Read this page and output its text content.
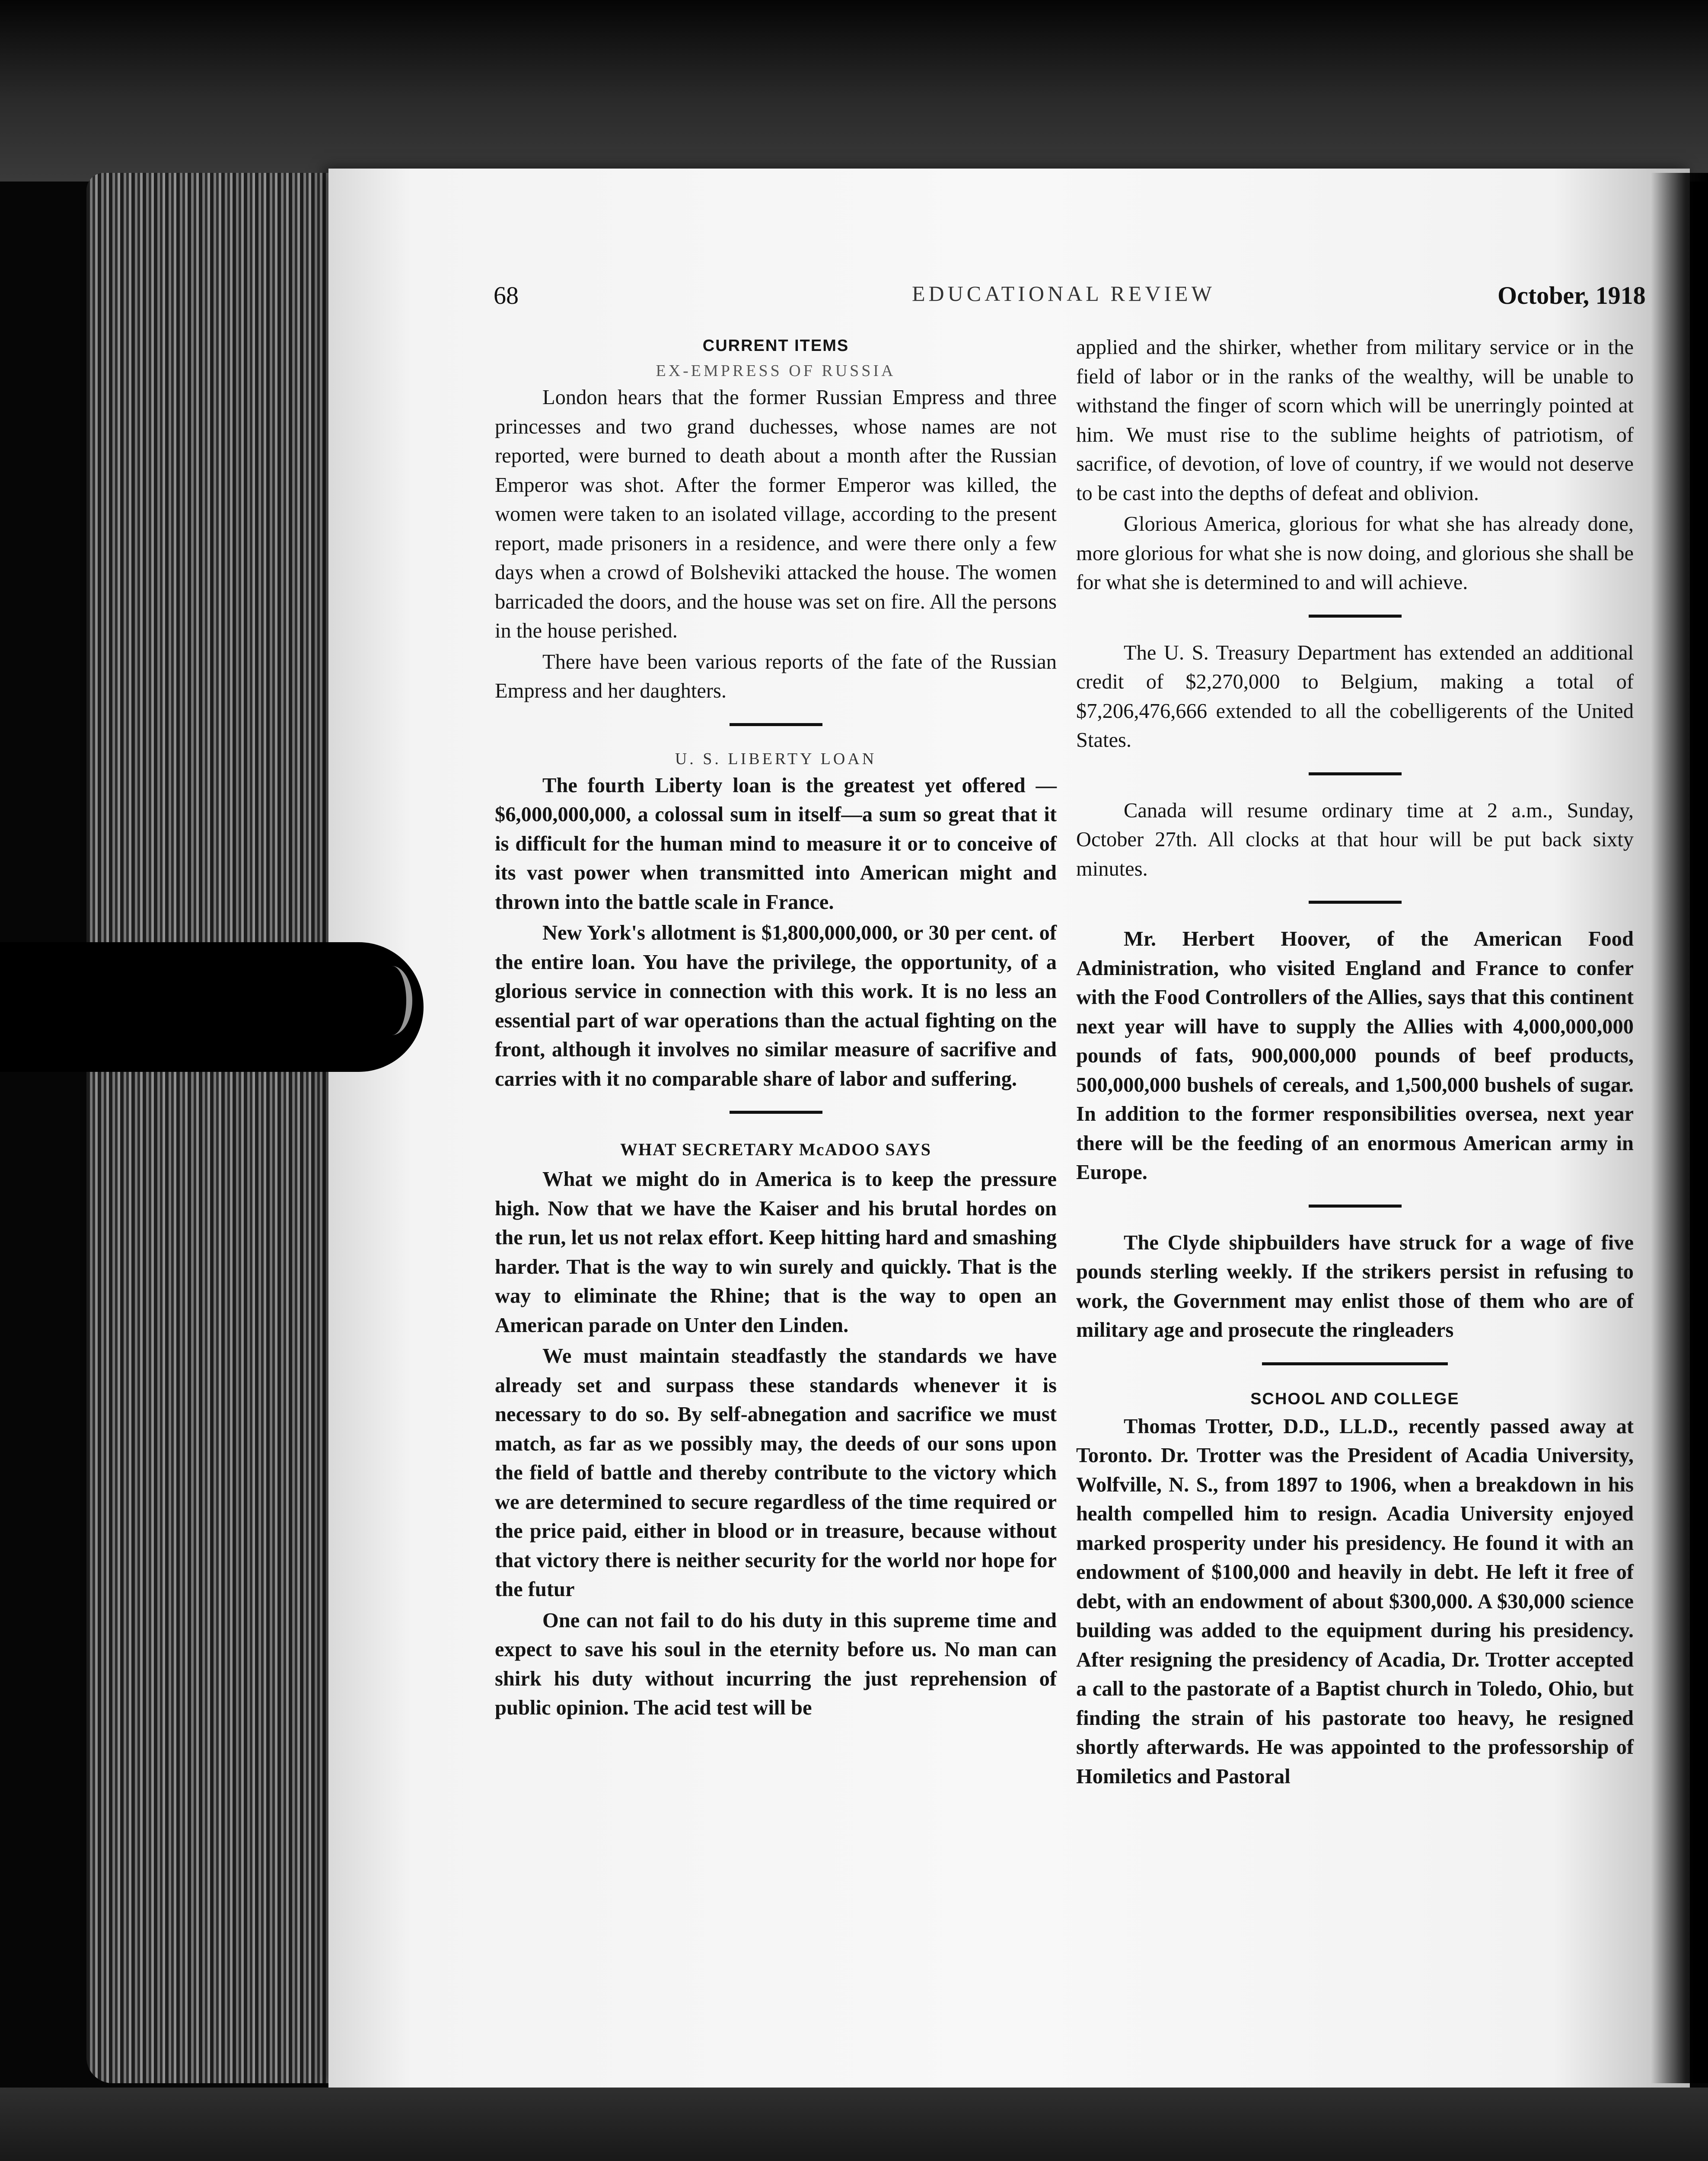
68	EDUCATIONAL REVIEW	October, 1918
CURRENT ITEMS
EX-EMPRESS OF RUSSIA

London hears that the former Russian Empress and three princesses and two grand duchesses, whose names are not reported, were burned to death about a month after the Russian Emperor was shot. After the former Emperor was killed, the women were taken to an isolated village, according to the present report, made prisoners in a residence, and were there only a few days when a crowd of Bolsheviki attacked the house. The women barricaded the doors, and the house was set on fire. All the persons in the house perished.

There have been various reports of the fate of the Russian Empress and her daughters.

U. S. LIBERTY LOAN

The fourth Liberty loan is the greatest yet offered —$6,000,000,000, a colossal sum in itself—a sum so great that it is difficult for the human mind to measure it or to conceive of its vast power when transmitted into American might and thrown into the battle scale in France.

New York's allotment is $1,800,000,000, or 30 per cent. of the entire loan. You have the privilege, the opportunity, of a glorious service in connection with this work. It is no less an essential part of war operations than the actual fighting on the front, although it involves no similar measure of sacrifive and carries with it no comparable share of labor and suffering.

WHAT SECRETARY McADOO SAYS

What we might do in America is to keep the pressure high. Now that we have the Kaiser and his brutal hordes on the run, let us not relax effort. Keep hitting hard and smashing harder. That is the way to win surely and quickly. That is the way to eliminate the Rhine; that is the way to open an American parade on Unter den Linden.

We must maintain steadfastly the standards we have already set and surpass these standards whenever it is necessary to do so. By self-abnegation and sacrifice we must match, as far as we possibly may, the deeds of our sons upon the field of battle and thereby contribute to the victory which we are determined to secure regardless of the time required or the price paid, either in blood or in treasure, because without that victory there is neither security for the world nor hope for the futur

One can not fail to do his duty in this supreme time and expect to save his soul in the eternity before us. No man can shirk his duty without incurring the just reprehension of public opinion. The acid test will be

applied and the shirker, whether from military service or in the field of labor or in the ranks of the wealthy, will be unable to withstand the finger of scorn which will be unerringly pointed at him. We must rise to the sublime heights of patriotism, of sacrifice, of devotion, of love of country, if we would not deserve to be cast into the depths of defeat and oblivion.

Glorious America, glorious for what she has already done, more glorious for what she is now doing, and glorious she shall be for what she is determined to and will achieve.

The U. S. Treasury Department has extended an additional credit of $2,270,000 to Belgium, making a total of $7,206,476,666 extended to all the cobelligerents of the United States.

Canada will resume ordinary time at 2 a.m., Sunday, October 27th. All clocks at that hour will be put back sixty minutes.

Mr. Herbert Hoover, of the American Food Administration, who visited England and France to confer with the Food Controllers of the Allies, says that this continent next year will have to supply the Allies with 4,000,000,000 pounds of fats, 900,000,000 pounds of beef products, 500,000,000 bushels of cereals, and 1,500,000 bushels of sugar. In addition to the former responsibilities oversea, next year there will be the feeding of an enormous American army in Europe.

The Clyde shipbuilders have struck for a wage of five pounds sterling weekly. If the strikers persist in refusing to work, the Government may enlist those of them who are of military age and prosecute the ringleaders

SCHOOL AND COLLEGE

Thomas Trotter, D.D., LL.D., recently passed away at Toronto. Dr. Trotter was the President of Acadia University, Wolfville, N. S., from 1897 to 1906, when a breakdown in his health compelled him to resign. Acadia University enjoyed marked prosperity under his presidency. He found it with an endowment of $100,000 and heavily in debt. He left it free of debt, with an endowment of about $300,000. A $30,000 science building was added to the equipment during his presidency. After resigning the presidency of Acadia, Dr. Trotter accepted a call to the pastorate of a Baptist church in Toledo, Ohio, but finding the strain of his pastorate too heavy, he resigned shortly afterwards. He was appointed to the professorship of Homiletics and Pastoral
